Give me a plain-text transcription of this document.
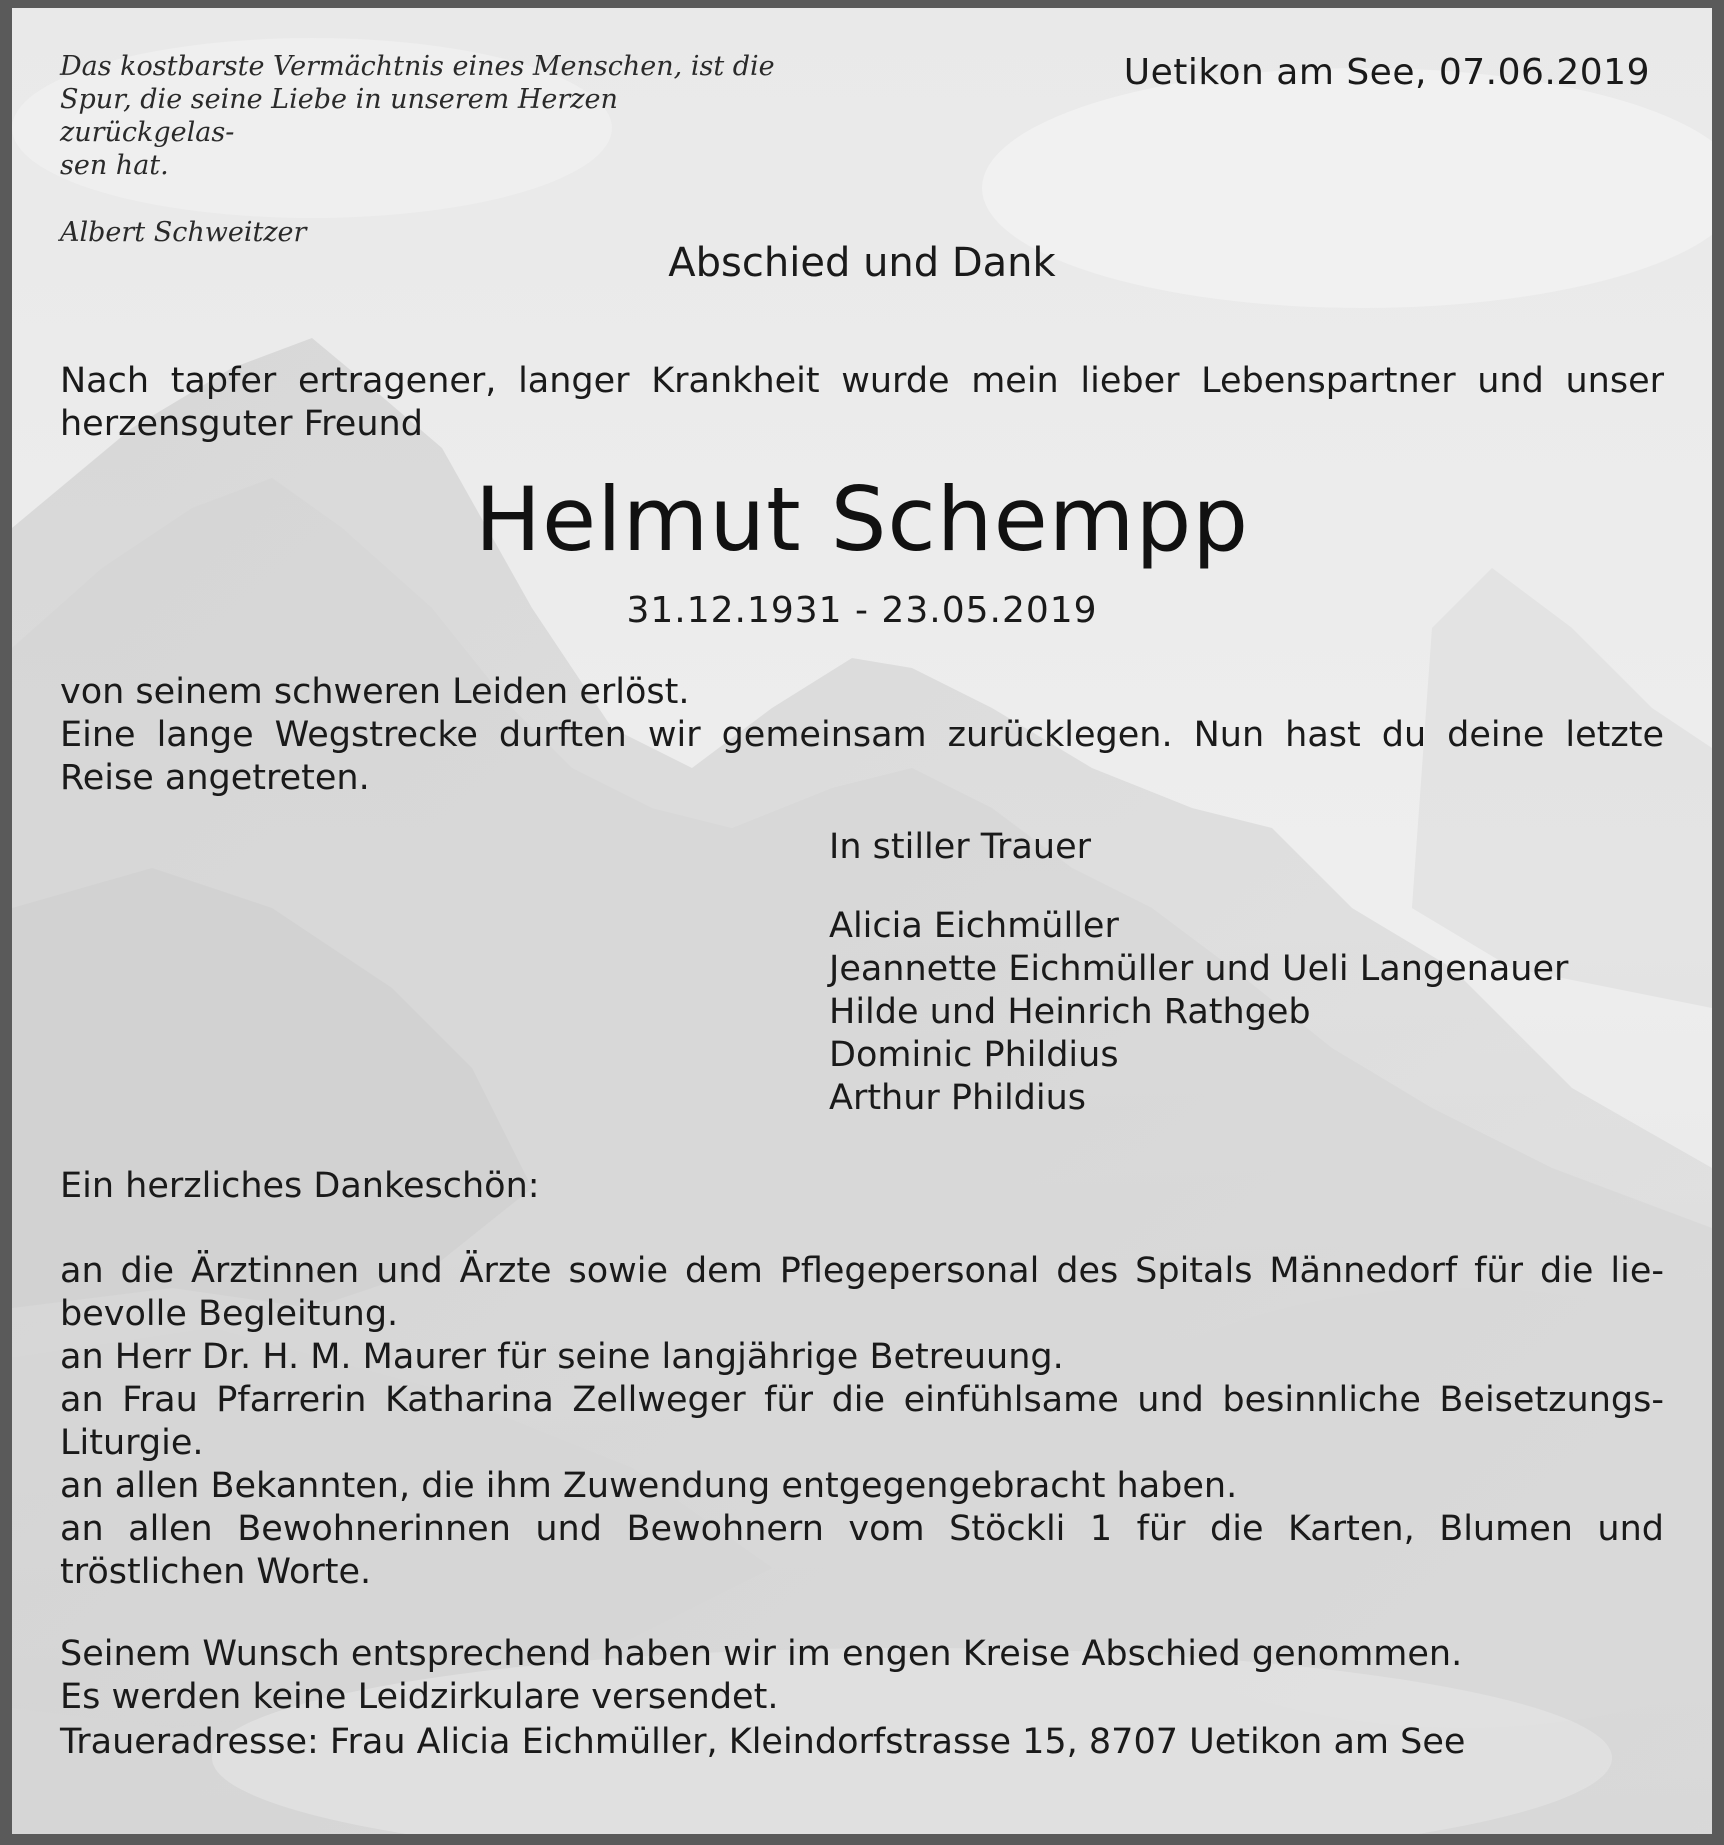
Das kostbarste Vermächtnis eines Menschen, ist die
Spur, die seine Liebe in unserem Herzen zurückgelas-
sen hat.
Albert Schweitzer
Uetikon am See, 07.06.2019
Abschied und Dank
Nach tapfer ertragener, langer Krankheit wurde mein lieber Lebenspartner und unser
herzensguter Freund
Helmut Schempp
31.12.1931 - 23.05.2019
von seinem schweren Leiden erlöst.
Eine lange Wegstrecke durften wir gemeinsam zurücklegen. Nun hast du deine letzte
Reise angetreten.
In stiller Trauer
Alicia Eichmüller
Jeannette Eichmüller und Ueli Langenauer
Hilde und Heinrich Rathgeb
Dominic Phildius
Arthur Phildius
Ein herzliches Dankeschön:
an die Ärztinnen und Ärzte sowie dem Pflegepersonal des Spitals Männedorf für die lie-
bevolle Begleitung.
an Herr Dr. H. M. Maurer für seine langjährige Betreuung.
an Frau Pfarrerin Katharina Zellweger für die einfühlsame und besinnliche Beisetzungs-
Liturgie.
an allen Bekannten, die ihm Zuwendung entgegengebracht haben.
an allen Bewohnerinnen und Bewohnern vom Stöckli 1 für die Karten, Blumen und
tröstlichen Worte.
Seinem Wunsch entsprechend haben wir im engen Kreise Abschied genommen.
Es werden keine Leidzirkulare versendet.
Traueradresse: Frau Alicia Eichmüller, Kleindorfstrasse 15, 8707 Uetikon am See
